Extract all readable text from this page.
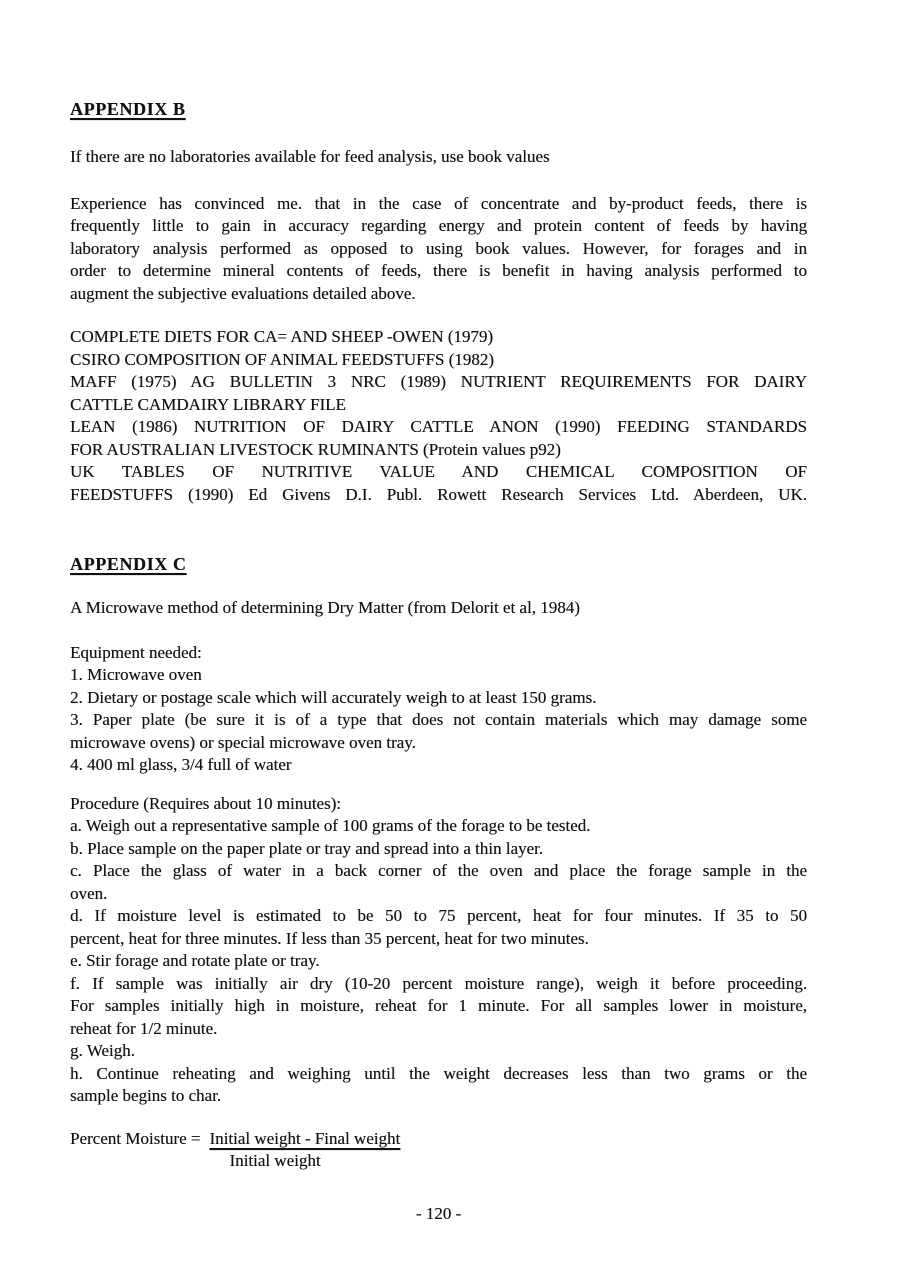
APPENDIX B
If there are no laboratories available for feed analysis, use book values
Experience has convinced me. that in the case of concentrate and by-product feeds, there is
frequently little to gain in accuracy regarding energy and protein content of feeds by having
laboratory analysis performed as opposed to using book values. However, for forages and in
order to determine mineral contents of feeds, there is benefit in having analysis performed to
augment the subjective evaluations detailed above.
COMPLETE DIETS FOR CA= AND SHEEP -OWEN (1979)
CSIRO COMPOSITION OF ANIMAL FEEDSTUFFS (1982)
MAFF (1975) AG BULLETIN 3 NRC (1989) NUTRIENT REQUIREMENTS FOR DAIRY
CATTLE CAMDAIRY LIBRARY FILE
LEAN (1986) NUTRITION OF DAIRY CATTLE ANON (1990) FEEDING STANDARDS
FOR AUSTRALIAN LIVESTOCK RUMINANTS (Protein values p92)
UK TABLES OF NUTRITIVE VALUE AND CHEMICAL COMPOSITION OF
FEEDSTUFFS (1990) Ed Givens D.I. Publ. Rowett Research Services Ltd. Aberdeen, UK.
APPENDIX C
A Microwave method of determining Dry Matter (from Delorit et al, 1984)
Equipment needed:
1. Microwave oven
2. Dietary or postage scale which will accurately weigh to at least 150 grams.
3. Paper plate (be sure it is of a type that does not contain materials which may damage some
microwave ovens) or special microwave oven tray.
4. 400 ml glass, 3/4 full of water
Procedure (Requires about 10 minutes):
a. Weigh out a representative sample of 100 grams of the forage to be tested.
b. Place sample on the paper plate or tray and spread into a thin layer.
c. Place the glass of water in a back corner of the oven and place the forage sample in the
oven.
d. If moisture level is estimated to be 50 to 75 percent, heat for four minutes. If 35 to 50
percent, heat for three minutes. If less than 35 percent, heat for two minutes.
e. Stir forage and rotate plate or tray.
f. If sample was initially air dry (10-20 percent moisture range), weigh it before proceeding.
For samples initially high in moisture, reheat for 1 minute. For all samples lower in moisture,
reheat for 1/2 minute.
g. Weigh.
h. Continue reheating and weighing until the weight decreases less than two grams or the
sample begins to char.
Percent Moisture = $\frac{\text{Initial weight - Final weight}}{\text{Initial weight}}$
- 120 -
